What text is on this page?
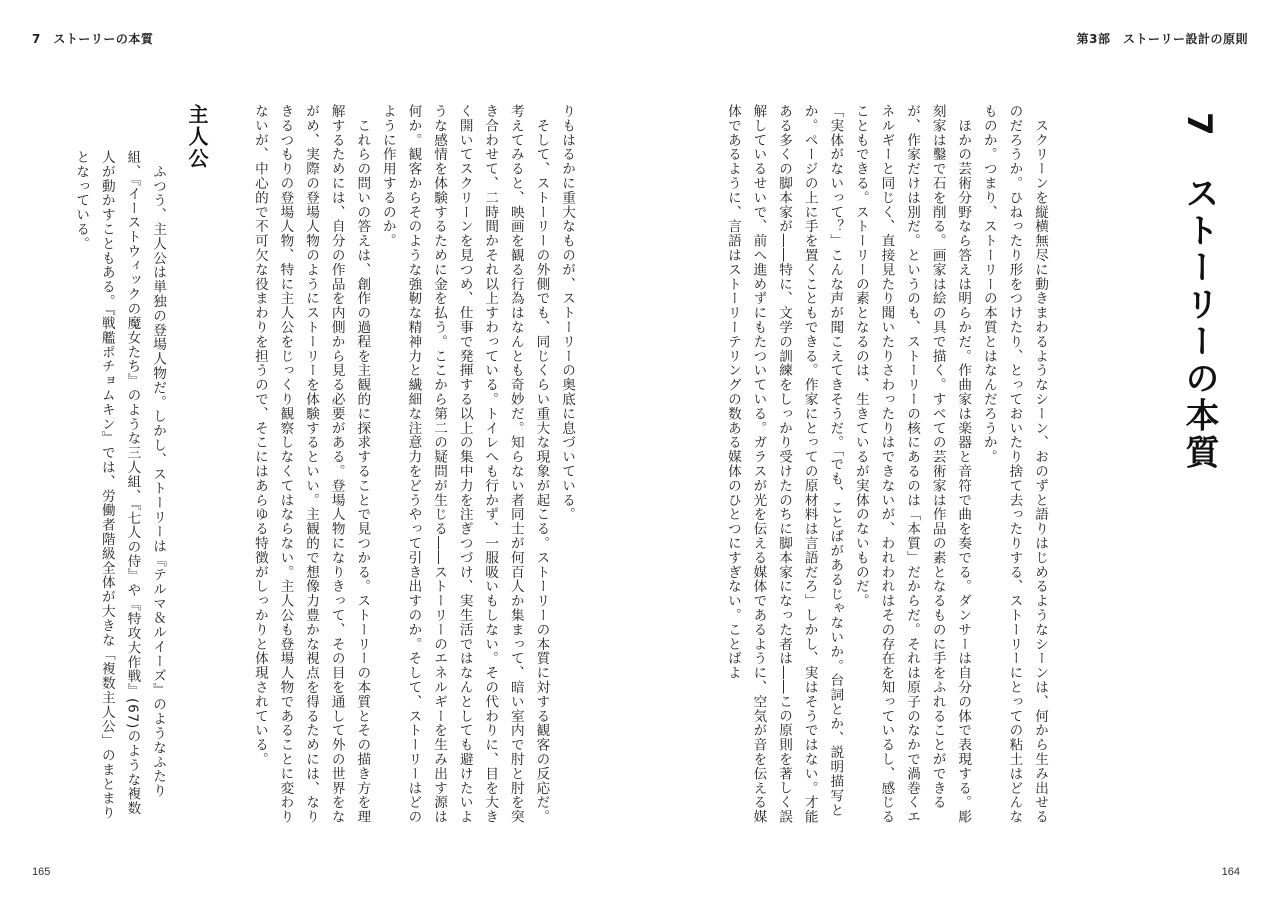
7　ストーリーの本質	第3部　ストーリー設計の原則
7　ストーリーの本質

　スクリーンを縦横無尽に動きまわるようなシーン、おのずと語りはじめるようなシーンは、何から生み出せるのだろうか。ひねったり形をつけたり、とっておいたり捨て去ったりする、ストーリーにとっての粘土はどんなものか。つまり、ストーリーの本質とはなんだろうか。

　ほかの芸術分野なら答えは明らかだ。作曲家は楽器と音符で曲を奏でる。ダンサーは自分の体で表現する。彫刻家は鑿で石を削る。画家は絵の具で描く。すべての芸術家は作品の素となるものに手をふれることができるが、作家だけは別だ。というのも、ストーリーの核にあるのは「本質」だからだ。それは原子のなかで渦巻くエネルギーと同じく、直接見たり聞いたりさわったりはできないが、われわれはその存在を知っているし、感じることもできる。ストーリーの素となるのは、生きているが実体のないものだ。

「実体がないって？」こんな声が聞こえてきそうだ。「でも、ことばがあるじゃないか。台詞とか、説明描写とか。ページの上に手を置くこともできる。作家にとっての原材料は言語だろ」しかし、実はそうではない。才能ある多くの脚本家が――特に、文学の訓練をしっかり受けたのちに脚本家になった者は――この原則を著しく誤解しているせいで、前へ進めずにもたついている。ガラスが光を伝える媒体であるように、空気が音を伝える媒体であるように、言語はストーリーテリングの数ある媒体のひとつにすぎない。ことばよ

りもはるかに重大なものが、ストーリーの奥底に息づいている。

　そして、ストーリーの外側でも、同じくらい重大な現象が起こる。ストーリーの本質に対する観客の反応だ。考えてみると、映画を観る行為はなんとも奇妙だ。知らない者同士が何百人か集まって、暗い室内で肘と肘を突き合わせて、二時間かそれ以上すわっている。トイレへも行かず、一服吸いもしない。その代わりに、目を大きく開いてスクリーンを見つめ、仕事で発揮する以上の集中力を注ぎつづけ、実生活ではなんとしても避けたいような感情を体験するために金を払う。ここから第二の疑問が生じる――ストーリーのエネルギーを生み出す源は何か。観客からそのような強靭な精神力と繊細な注意力をどうやって引き出すのか。そして、ストーリーはどのように作用するのか。

　これらの問いの答えは、創作の過程を主観的に探求することで見つかる。ストーリーの本質とその描き方を理解するためには、自分の作品を内側から見る必要がある。登場人物になりきって、その目を通して外の世界をながめ、実際の登場人物のようにストーリーを体験するといい。主観的で想像力豊かな視点を得るためには、なりきるつもりの登場人物、特に主人公をじっくり観察しなくてはならない。主人公も登場人物であることに変わりないが、中心的で不可欠な役まわりを担うので、そこにはあらゆる特徴がしっかりと体現されている。

主人公

　ふつう、主人公は単独の登場人物だ。しかし、ストーリーは『テルマ＆ルイーズ』のようなふたり組、『イーストウィックの魔女たち』のような三人組、『七人の侍』や『特攻大作戦』(67)のような複数人が動かすこともある。『戦艦ポチョムキン』では、労働者階級全体が大きな「複数主人公」のまとまりとなっている。

165	164
